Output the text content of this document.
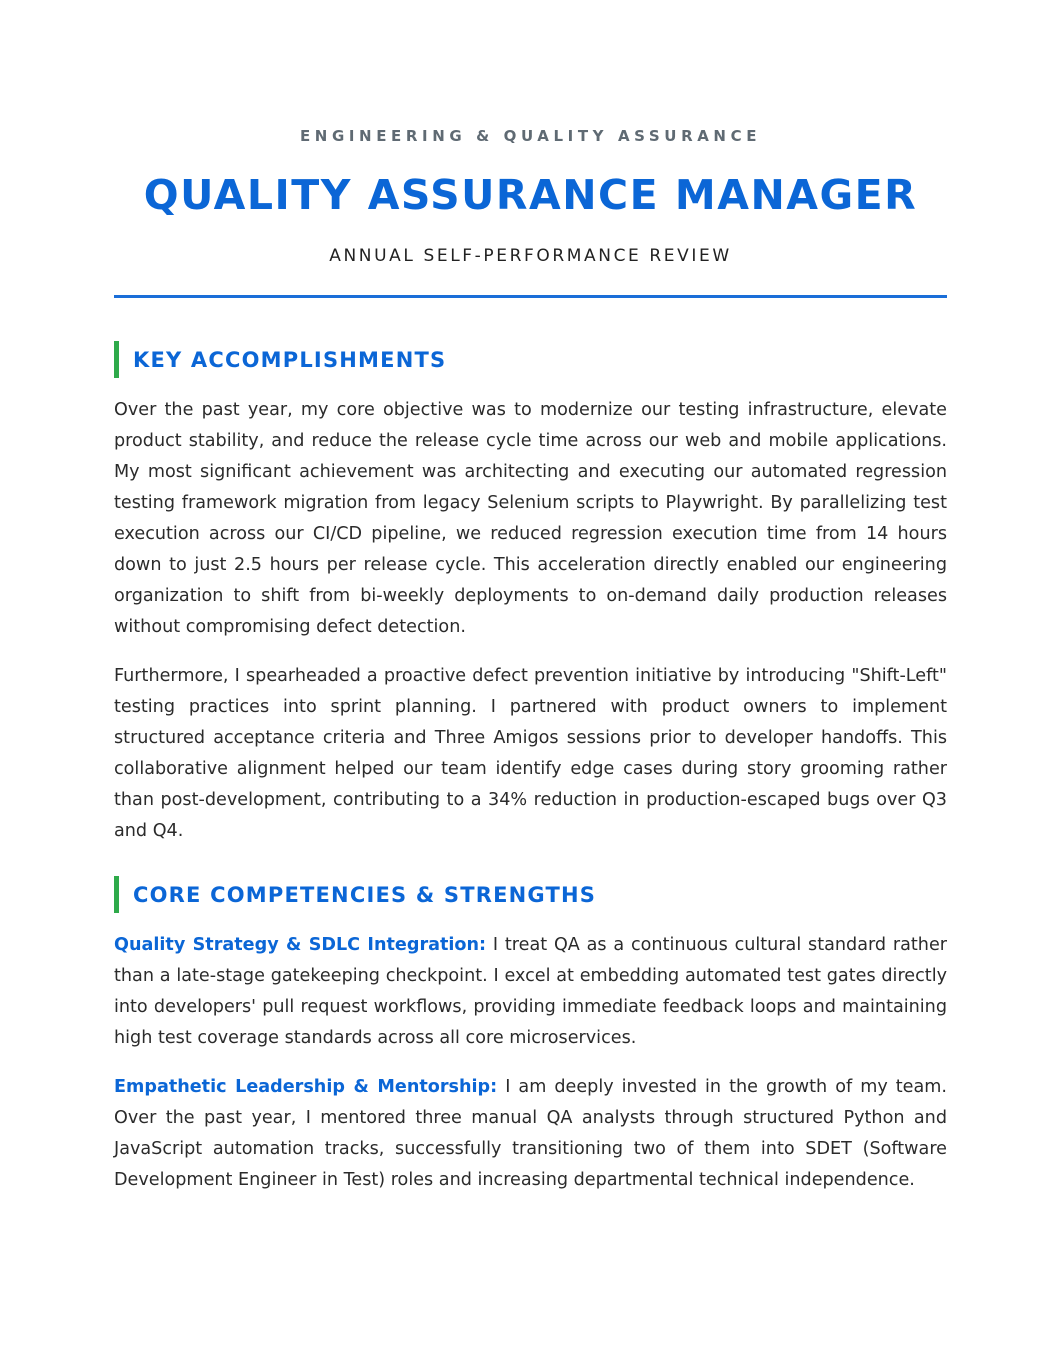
ENGINEERING & QUALITY ASSURANCE
QUALITY ASSURANCE MANAGER
ANNUAL SELF-PERFORMANCE REVIEW
KEY ACCOMPLISHMENTS

Over the past year, my core objective was to modernize our testing infrastructure, elevate product stability, and reduce the release cycle time across our web and mobile applications. My most significant achievement was architecting and executing our automated regression testing framework migration from legacy Selenium scripts to Playwright. By parallelizing test execution across our CI/CD pipeline, we reduced regression execution time from 14 hours down to just 2.5 hours per release cycle. This acceleration directly enabled our engineering organization to shift from bi-weekly deployments to on-demand daily production releases without compromising defect detection.

Furthermore, I spearheaded a proactive defect prevention initiative by introducing "Shift-Left" testing practices into sprint planning. I partnered with product owners to implement structured acceptance criteria and Three Amigos sessions prior to developer handoffs. This collaborative alignment helped our team identify edge cases during story grooming rather than post-development, contributing to a 34% reduction in production-escaped bugs over Q3 and Q4.

CORE COMPETENCIES & STRENGTHS

Quality Strategy & SDLC Integration: I treat QA as a continuous cultural standard rather than a late-stage gatekeeping checkpoint. I excel at embedding automated test gates directly into developers' pull request workflows, providing immediate feedback loops and maintaining high test coverage standards across all core microservices.

Empathetic Leadership & Mentorship: I am deeply invested in the growth of my team. Over the past year, I mentored three manual QA analysts through structured Python and JavaScript automation tracks, successfully transitioning two of them into SDET (Software Development Engineer in Test) roles and increasing departmental technical independence.
